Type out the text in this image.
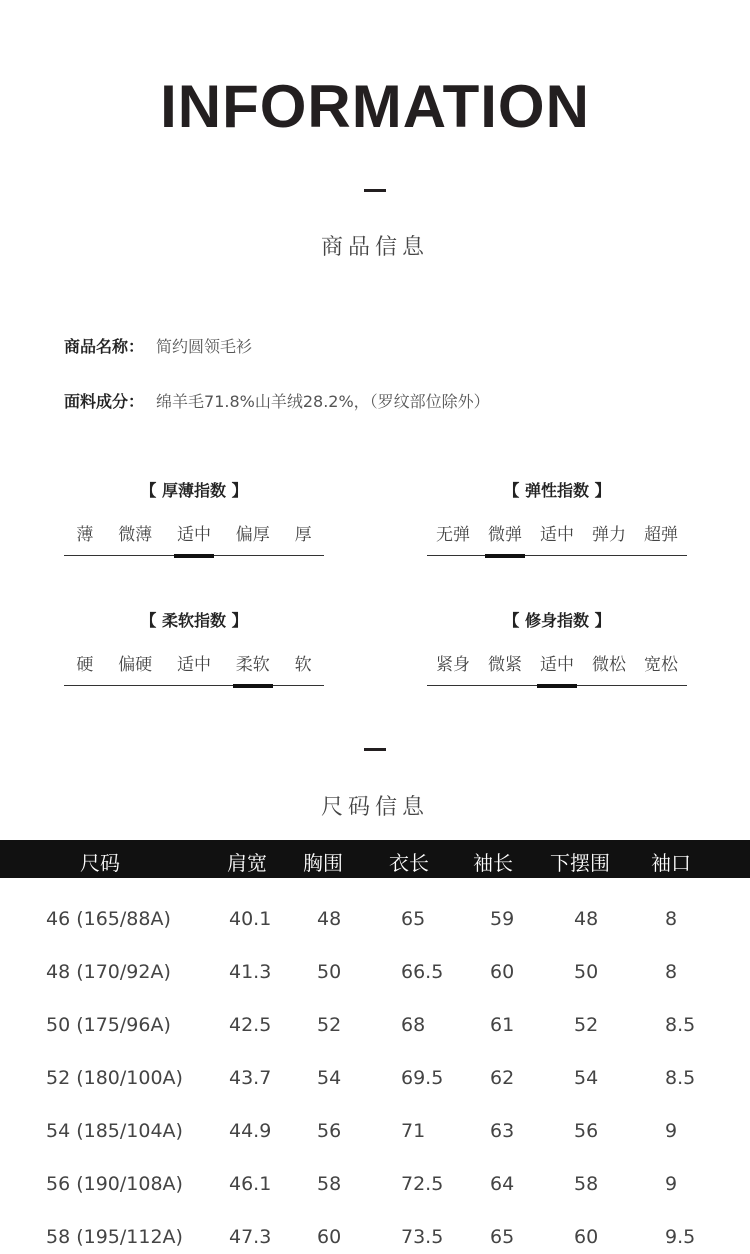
INFORMATION
商品信息
商品名称： 简约圆领毛衫
面料成分： 绵羊毛71.8%山羊绒28.2%，（罗纹部位除外）
【 厚薄指数 】
薄 微薄 适中 偏厚 厚
【 弹性指数 】
无弹 微弹 适中 弹力 超弹
【 柔软指数 】
硬 偏硬 适中 柔软 软
【 修身指数 】
紧身 微紧 适中 微松 宽松
尺码信息
尺码	肩宽 胸围 衣长 袖长 下摆围 袖口
46 (165/88A)	40.1 48	65	59	48	8
48 (170/92A)	41.3 50	66.5 60	50	8
50 (175/96A)	42.5 52	68	61	52	8.5
52 (180/100A) 43.7 54	69.5 62	54	8.5
54 (185/104A) 44.9 56	71	63	56	9
56 (190/108A) 46.1 58	72.5 64	58	9
58 (195/112A) 47.3 60	73.5 65	60	9.5
